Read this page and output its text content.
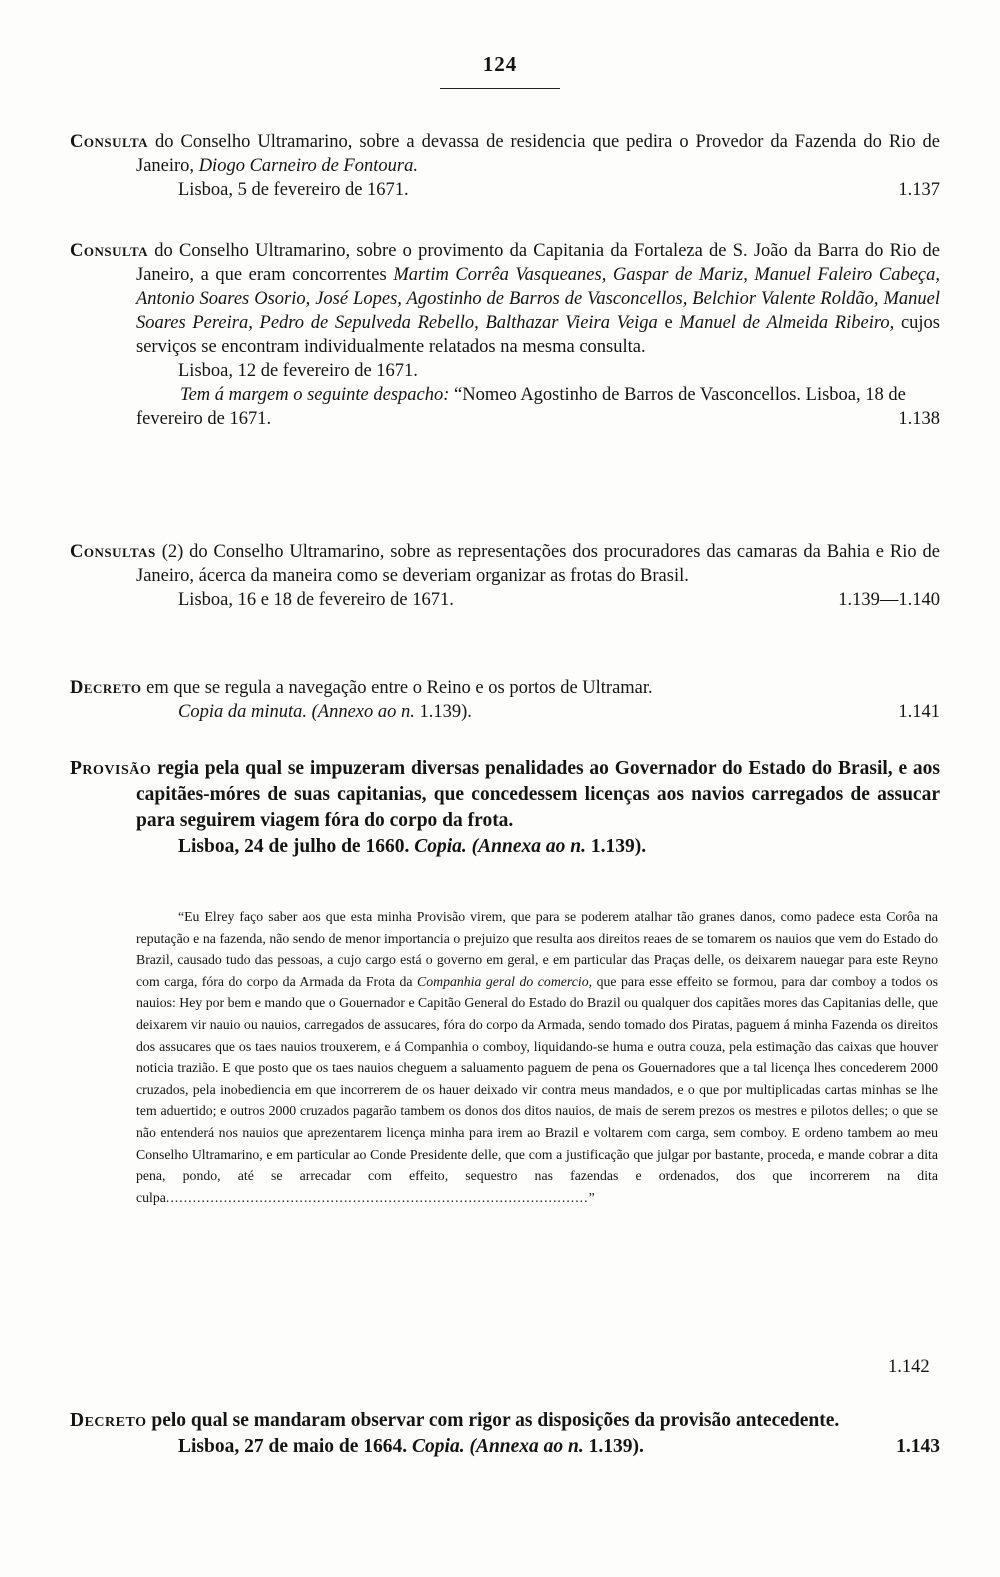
124

Consulta do Conselho Ultramarino, sobre a devassa de residencia que pedira o Provedor da Fazenda do Rio de Janeiro, Diogo Carneiro de Fontoura.

Lisboa, 5 de fevereiro de 1671.	1.137

Consulta do Conselho Ultramarino, sobre o provimento da Capitania da Fortaleza de S. João da Barra do Rio de Janeiro, a que eram concorrentes Martim Corrêa Vasqueanes, Gaspar de Mariz, Manuel Faleiro Cabeça, Antonio Soares Osorio, José Lopes, Agostinho de Barros de Vasconcellos, Belchior Valente Roldão, Manuel Soares Pereira, Pedro de Sepulveda Rebello, Balthazar Vieira Veiga e Manuel de Almeida Ribeiro, cujos serviços se encontram individualmente relatados na mesma consulta.

Lisboa, 12 de fevereiro de 1671.

Tem á margem o seguinte despacho: “Nomeo Agostinho de Barros de Vasconcellos. Lisboa, 18 de fevereiro de 1671.	1.138

Consultas (2) do Conselho Ultramarino, sobre as representações dos procuradores das camaras da Bahia e Rio de Janeiro, ácerca da maneira como se deveriam organizar as frotas do Brasil.

Lisboa, 16 e 18 de fevereiro de 1671.	1.139—1.140

Decreto em que se regula a navegação entre o Reino e os portos de Ultramar.

Copia da minuta. (Annexo ao n. 1.139).	1.141

Provisão regia pela qual se impuzeram diversas penalidades ao Governador do Estado do Brasil, e aos capitães-móres de suas capitanias, que concedessem licenças aos navios carregados de assucar para seguirem viagem fóra do corpo da frota.

Lisboa, 24 de julho de 1660. Copia. (Annexa ao n. 1.139).

“Eu Elrey faço saber aos que esta minha Provisão virem, que para se poderem atalhar tão granes danos, como padece esta Corôa na reputação e na fazenda, não sendo de menor importancia o prejuizo que resulta aos direitos reaes de se tomarem os nauios que vem do Estado do Brazil, causado tudo das pessoas, a cujo cargo está o governo em geral, e em particular das Praças delle, os deixarem nauegar para este Reyno com carga, fóra do corpo da Armada da Frota da Companhia geral do comercio, que para esse effeito se formou, para dar comboy a todos os nauios: Hey por bem e mando que o Gouernador e Capitão General do Estado do Brazil ou qualquer dos capitães mores das Capitanias delle, que deixarem vir nauio ou nauios, carregados de assucares, fóra do corpo da Armada, sendo tomado dos Piratas, paguem á minha Fazenda os direitos dos assucares que os taes nauios trouxerem, e á Companhia o comboy, liquidando-se huma e outra couza, pela estimação das caixas que houver noticia trazião. E que posto que os taes nauios cheguem a saluamento paguem de pena os Gouernadores que a tal licença lhes concederem 2000 cruzados, pela inobediencia em que incorrerem de os hauer deixado vir contra meus mandados, e o que por multiplicadas cartas minhas se lhe tem aduertido; e outros 2000 cruzados pagarão tambem os donos dos ditos nauios, de mais de serem prezos os mestres e pilotos delles; o que se não entenderá nos nauios que aprezentarem licença minha para irem ao Brazil e voltarem com carga, sem comboy. E ordeno tambem ao meu Conselho Ultramarino, e em particular ao Conde Presidente delle, que com a justificação que julgar por bastante, proceda, e mande cobrar a dita pena, pondo, até se arrecadar com effeito, sequestro nas fazendas e ordenados, dos que incorrerem na dita culpa...............................................................................................”

1.142

Decreto pelo qual se mandaram observar com rigor as disposições da provisão antecedente.

Lisboa, 27 de maio de 1664. Copia. (Annexa ao n. 1.139).	1.143
